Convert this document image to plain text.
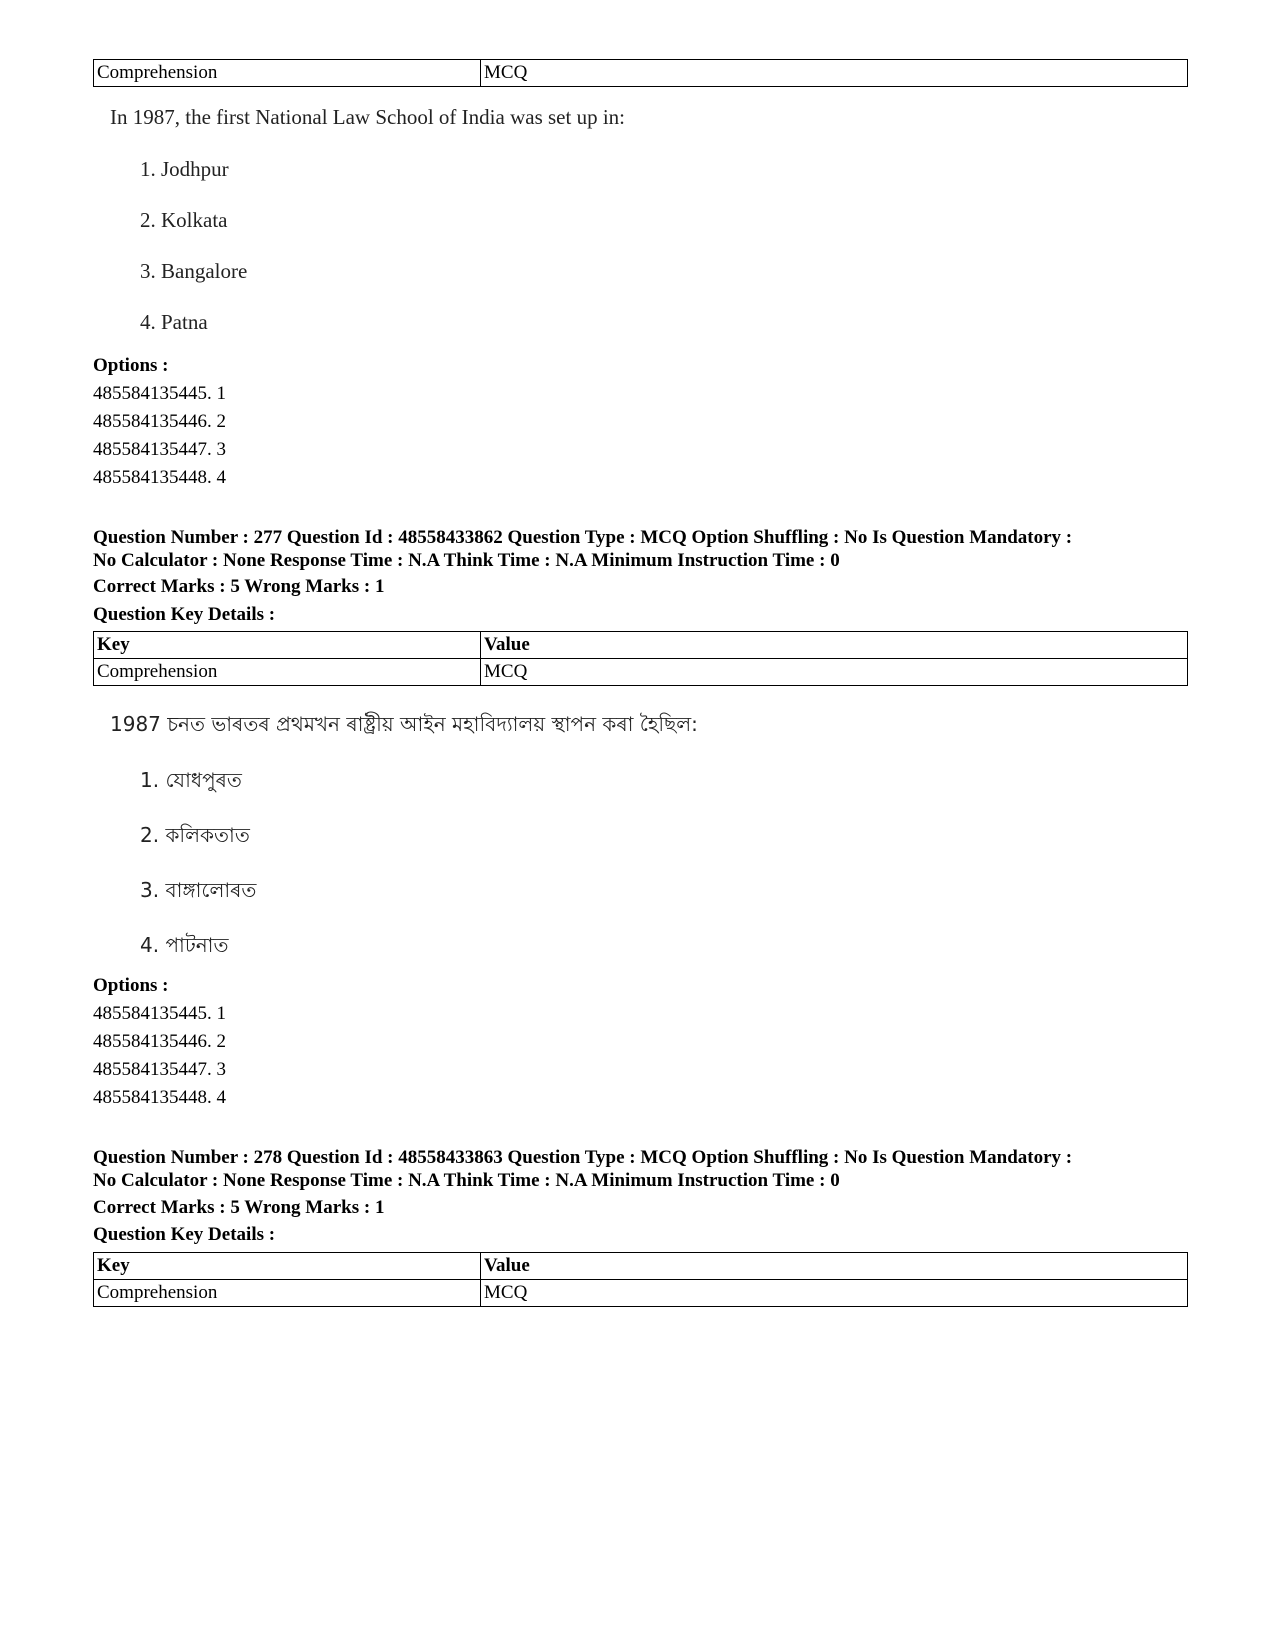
Comprehension	MCQ
In 1987, the first National Law School of India was set up in:
1. Jodhpur
2. Kolkata
3. Bangalore
4. Patna
Options :
485584135445. 1
485584135446. 2
485584135447. 3
485584135448. 4
Question Number : 277 Question Id : 48558433862 Question Type : MCQ Option Shuffling : No Is Question Mandatory :
No Calculator : None Response Time : N.A Think Time : N.A Minimum Instruction Time : 0
Correct Marks : 5 Wrong Marks : 1
Question Key Details :
Key	Value
Comprehension	MCQ
1987 চনত ভাৰতৰ প্ৰথমখন ৰাষ্ট্ৰীয় আইন মহাবিদ্যালয় স্থাপন কৰা হৈছিল:
1. যোধপুৰত
2. কলিকতাত
3. বাঙ্গালোৰত
4. পাটনাত
Options :
485584135445. 1
485584135446. 2
485584135447. 3
485584135448. 4
Question Number : 278 Question Id : 48558433863 Question Type : MCQ Option Shuffling : No Is Question Mandatory :
No Calculator : None Response Time : N.A Think Time : N.A Minimum Instruction Time : 0
Correct Marks : 5 Wrong Marks : 1
Question Key Details :
Key	Value
Comprehension	MCQ
